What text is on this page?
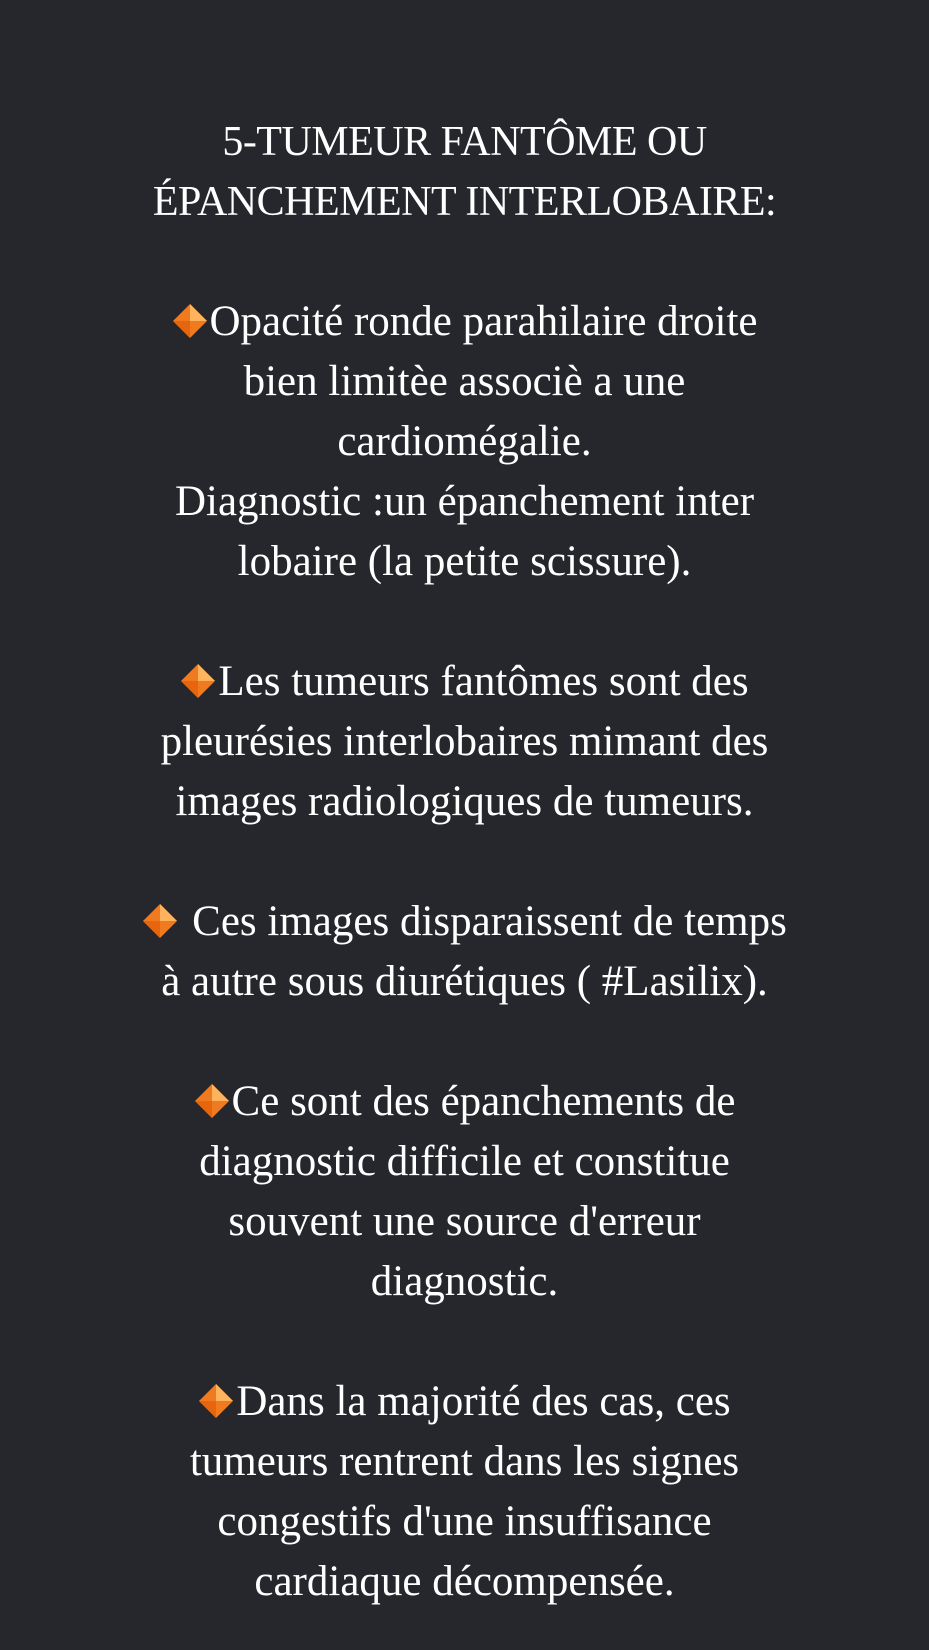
5-TUMEUR FANTÔME OU
ÉPANCHEMENT INTERLOBAIRE:

Opacité ronde parahilaire droite
bien limitèe associè a une
cardiomégalie.
Diagnostic :un épanchement inter
lobaire (la petite scissure).

Les tumeurs fantômes sont des
pleurésies interlobaires mimant des
images radiologiques de tumeurs.

Ces images disparaissent de temps
à autre sous diurétiques ( #Lasilix).

Ce sont des épanchements de
diagnostic difficile et constitue
souvent une source d'erreur
diagnostic.

Dans la majorité des cas, ces
tumeurs rentrent dans les signes
congestifs d'une insuffisance
cardiaque décompensée.
